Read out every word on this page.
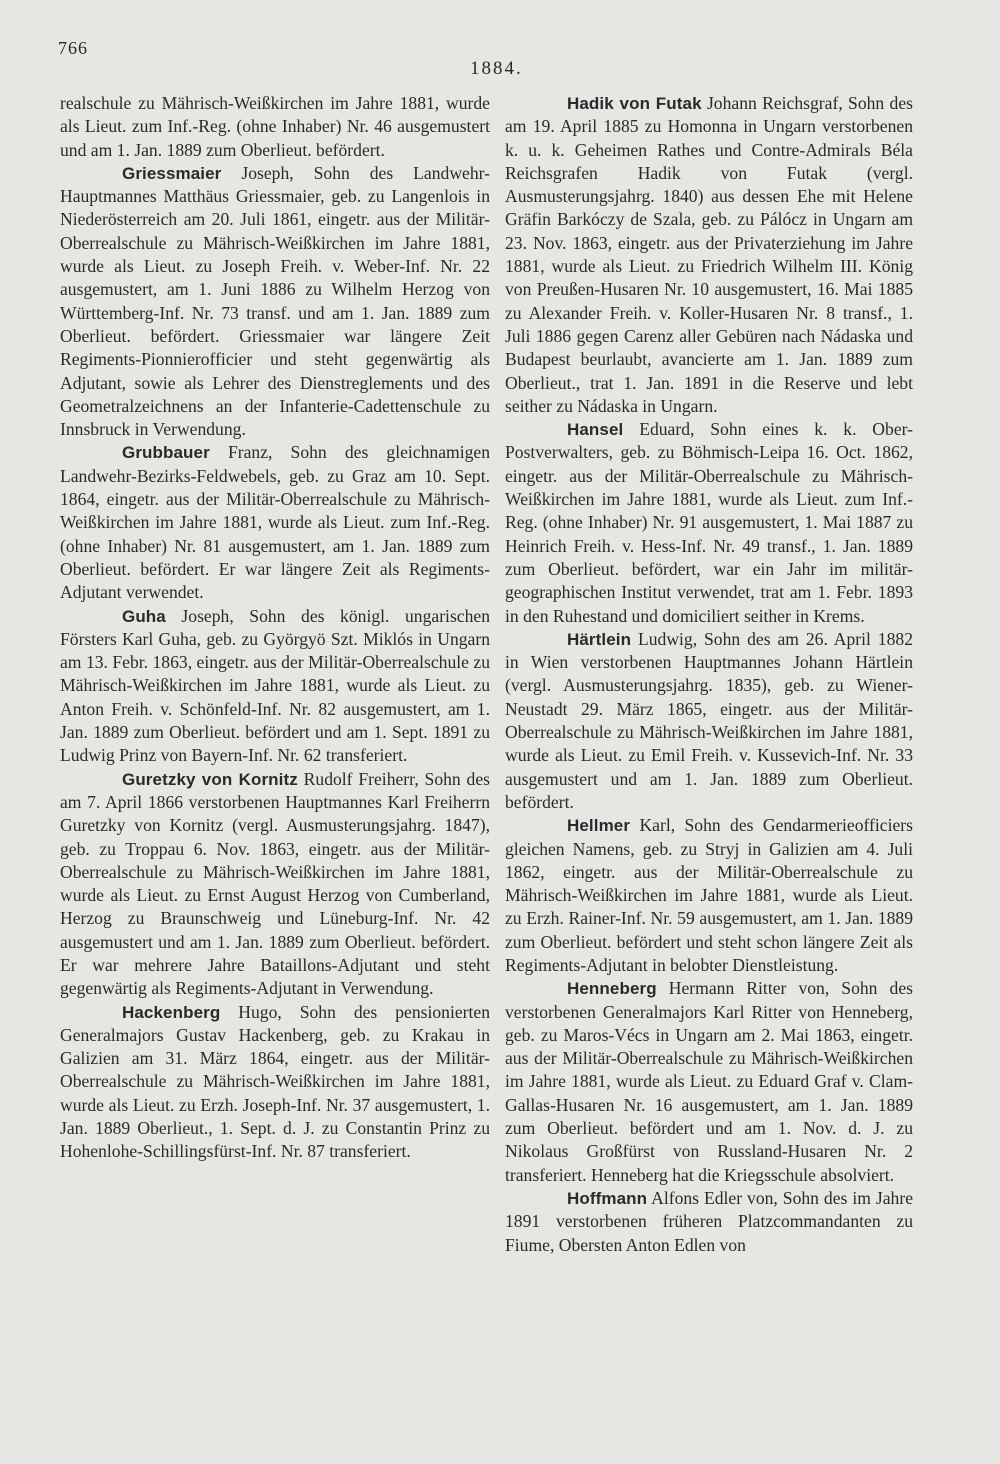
766
1884.

realschule zu Mährisch-Weißkirchen im Jahre 1881, wurde als Lieut. zum Inf.-Reg. (ohne Inhaber) Nr. 46 ausgemustert und am 1. Jan. 1889 zum Oberlieut. befördert.

Griessmaier Joseph, Sohn des Landwehr-Hauptmannes Matthäus Griessmaier, geb. zu Langenlois in Niederösterreich am 20. Juli 1861, eingetr. aus der Militär-Oberrealschule zu Mährisch-Weißkirchen im Jahre 1881, wurde als Lieut. zu Joseph Freih. v. Weber-Inf. Nr. 22 ausgemustert, am 1. Juni 1886 zu Wilhelm Herzog von Württemberg-Inf. Nr. 73 transf. und am 1. Jan. 1889 zum Oberlieut. befördert. Griessmaier war längere Zeit Regiments-Pionnierofficier und steht gegenwärtig als Adjutant, sowie als Lehrer des Dienstreglements und des Geometralzeichnens an der Infanterie-Cadettenschule zu Innsbruck in Verwendung.

Grubbauer Franz, Sohn des gleichnamigen Landwehr-Bezirks-Feldwebels, geb. zu Graz am 10. Sept. 1864, eingetr. aus der Militär-Oberrealschule zu Mährisch-Weißkirchen im Jahre 1881, wurde als Lieut. zum Inf.-Reg. (ohne Inhaber) Nr. 81 ausgemustert, am 1. Jan. 1889 zum Oberlieut. befördert. Er war längere Zeit als Regiments-Adjutant verwendet.

Guha Joseph, Sohn des königl. ungarischen Försters Karl Guha, geb. zu Györgyö Szt. Miklós in Ungarn am 13. Febr. 1863, eingetr. aus der Militär-Oberrealschule zu Mährisch-Weißkirchen im Jahre 1881, wurde als Lieut. zu Anton Freih. v. Schönfeld-Inf. Nr. 82 ausgemustert, am 1. Jan. 1889 zum Oberlieut. befördert und am 1. Sept. 1891 zu Ludwig Prinz von Bayern-Inf. Nr. 62 transferiert.

Guretzky von Kornitz Rudolf Freiherr, Sohn des am 7. April 1866 verstorbenen Hauptmannes Karl Freiherrn Guretzky von Kornitz (vergl. Ausmusterungsjahrg. 1847), geb. zu Troppau 6. Nov. 1863, eingetr. aus der Militär-Oberrealschule zu Mährisch-Weißkirchen im Jahre 1881, wurde als Lieut. zu Ernst August Herzog von Cumberland, Herzog zu Braunschweig und Lüneburg-Inf. Nr. 42 ausgemustert und am 1. Jan. 1889 zum Oberlieut. befördert. Er war mehrere Jahre Bataillons-Adjutant und steht gegenwärtig als Regiments-Adjutant in Verwendung.

Hackenberg Hugo, Sohn des pensionierten Generalmajors Gustav Hackenberg, geb. zu Krakau in Galizien am 31. März 1864, eingetr. aus der Militär-Oberrealschule zu Mährisch-Weißkirchen im Jahre 1881, wurde als Lieut. zu Erzh. Joseph-Inf. Nr. 37 ausgemustert, 1. Jan. 1889 Oberlieut., 1. Sept. d. J. zu Constantin Prinz zu Hohenlohe-Schillingsfürst-Inf. Nr. 87 transferiert.

Hadik von Futak Johann Reichsgraf, Sohn des am 19. April 1885 zu Homonna in Ungarn verstorbenen k. u. k. Geheimen Rathes und Contre-Admirals Béla Reichsgrafen Hadik von Futak (vergl. Ausmusterungsjahrg. 1840) aus dessen Ehe mit Helene Gräfin Barkóczy de Szala, geb. zu Pálócz in Ungarn am 23. Nov. 1863, eingetr. aus der Privaterziehung im Jahre 1881, wurde als Lieut. zu Friedrich Wilhelm III. König von Preußen-Husaren Nr. 10 ausgemustert, 16. Mai 1885 zu Alexander Freih. v. Koller-Husaren Nr. 8 transf., 1. Juli 1886 gegen Carenz aller Gebüren nach Nádaska und Budapest beurlaubt, avancierte am 1. Jan. 1889 zum Oberlieut., trat 1. Jan. 1891 in die Reserve und lebt seither zu Nádaska in Ungarn.

Hansel Eduard, Sohn eines k. k. Ober-Postverwalters, geb. zu Böhmisch-Leipa 16. Oct. 1862, eingetr. aus der Militär-Oberrealschule zu Mährisch-Weißkirchen im Jahre 1881, wurde als Lieut. zum Inf.-Reg. (ohne Inhaber) Nr. 91 ausgemustert, 1. Mai 1887 zu Heinrich Freih. v. Hess-Inf. Nr. 49 transf., 1. Jan. 1889 zum Oberlieut. befördert, war ein Jahr im militär-geographischen Institut verwendet, trat am 1. Febr. 1893 in den Ruhestand und domiciliert seither in Krems.

Härtlein Ludwig, Sohn des am 26. April 1882 in Wien verstorbenen Hauptmannes Johann Härtlein (vergl. Ausmusterungsjahrg. 1835), geb. zu Wiener-Neustadt 29. März 1865, eingetr. aus der Militär-Oberrealschule zu Mährisch-Weißkirchen im Jahre 1881, wurde als Lieut. zu Emil Freih. v. Kussevich-Inf. Nr. 33 ausgemustert und am 1. Jan. 1889 zum Oberlieut. befördert.

Hellmer Karl, Sohn des Gendarmerieofficiers gleichen Namens, geb. zu Stryj in Galizien am 4. Juli 1862, eingetr. aus der Militär-Oberrealschule zu Mährisch-Weißkirchen im Jahre 1881, wurde als Lieut. zu Erzh. Rainer-Inf. Nr. 59 ausgemustert, am 1. Jan. 1889 zum Oberlieut. befördert und steht schon längere Zeit als Regiments-Adjutant in belobter Dienstleistung.

Henneberg Hermann Ritter von, Sohn des verstorbenen Generalmajors Karl Ritter von Henneberg, geb. zu Maros-Vécs in Ungarn am 2. Mai 1863, eingetr. aus der Militär-Oberrealschule zu Mährisch-Weißkirchen im Jahre 1881, wurde als Lieut. zu Eduard Graf v. Clam-Gallas-Husaren Nr. 16 ausgemustert, am 1. Jan. 1889 zum Oberlieut. befördert und am 1. Nov. d. J. zu Nikolaus Großfürst von Russland-Husaren Nr. 2 transferiert. Henneberg hat die Kriegsschule absolviert.

Hoffmann Alfons Edler von, Sohn des im Jahre 1891 verstorbenen früheren Platzcommandanten zu Fiume, Obersten Anton Edlen von
